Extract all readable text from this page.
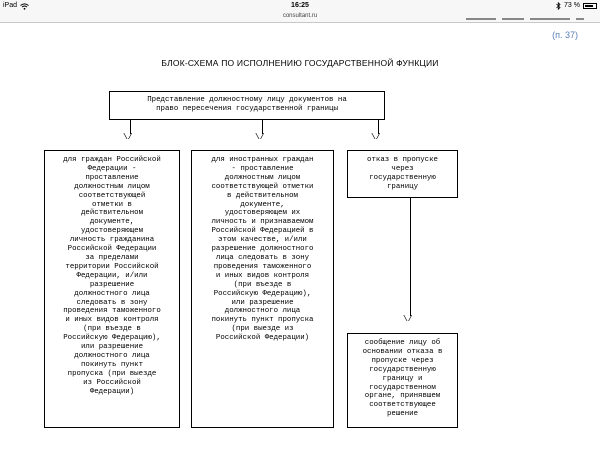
iPad	16:25	73 %
consultant.ru
(п. 37)
БЛОК-СХЕМА ПО ИСПОЛНЕНИЮ ГОСУДАРСТВЕННОЙ ФУНКЦИИ
Представление должностному лицу документов на
право пересечения государственной границы
\/	\/	\/
для граждан Российской
Федерации -
проставление
должностным лицом
соответствующей
отметки в
действительном
документе,
удостоверяющем
личность гражданина
Российской Федерации
за пределами
территории Российской
Федерации, и/или
разрешение
должностного лица
следовать в зону
проведения таможенного
и иных видов контроля
(при въезде в
Российскую Федерацию),
или разрешение
должностного лица
покинуть пункт
пропуска (при выезде
из Российской
Федерации)
для иностранных граждан
- проставление
должностным лицом
соответствующей отметки
в действительном
документе,
удостоверяющем их
личность и признаваемом
Российской Федерацией в
этом качестве, и/или
разрешение должностного
лица следовать в зону
проведения таможенного
и иных видов контроля
(при въезде в
Российскую Федерацию),
или разрешение
должностного лица
покинуть пункт пропуска
(при выезде из
Российской Федерации)
отказ в пропуске
через
государственную
границу
\/
сообщение лицу об
основании отказа в
пропуске через
государственную
границу и
государственном
органе, принявшем
соответствующее
решение
